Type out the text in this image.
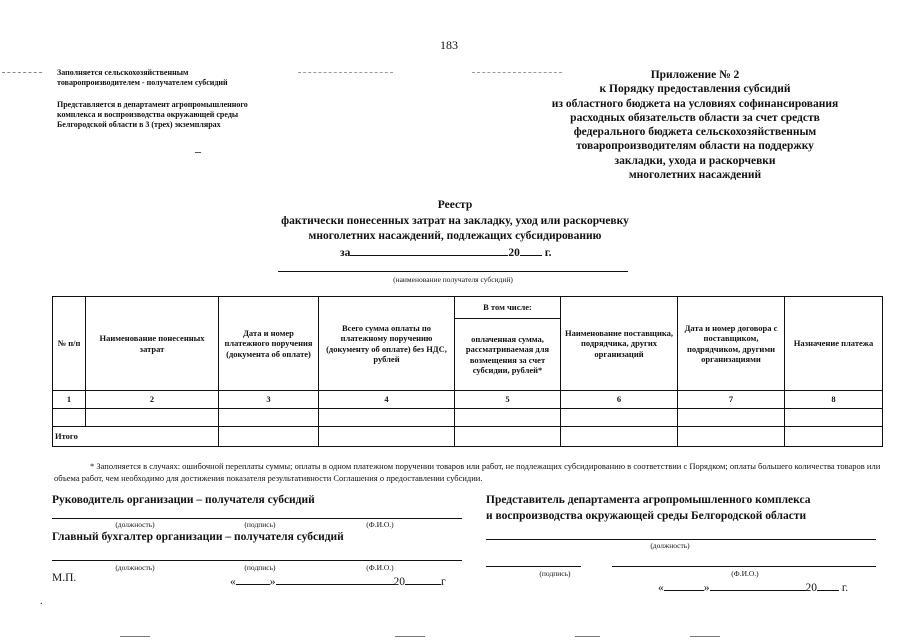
183
Заполняется сельскохозяйственным
товаропроизводителем - получателем субсидий
Представляется в департамент агропромышленного
комплекса и воспроизводства окружающей среды
Белгородской области в 3 (трех) экземплярах
Приложение № 2
к Порядку предоставления субсидий
из областного бюджета на условиях софинансирования
расходных обязательств области за счет средств
федерального бюджета сельскохозяйственным
товаропроизводителям области на поддержку
закладки, ухода и раскорчевки
многолетних насаждений
Реестр
фактически понесенных затрат на закладку, уход или раскорчевку
многолетних насаждений, подлежащих субсидированию
за	20 г.
(наименование получателя субсидий)
№ п/п	Наименование понесенных затрат	Дата и номер платежного поручения (документа об оплате)	Всего сумма оплаты по платежному поручению (документу об оплате) без НДС, рублей	В том числе:	Наименование поставщика, подрядчика, других организаций	Дата и номер договора с поставщиком, подрядчиком, другими организациями	Назначение платежа
				оплаченная сумма, рассматриваемая для возмещения за счет субсидии, рублей*			
1	2	3	4	5	6	7	8

Итого							
* Заполняется в случаях: ошибочной переплаты суммы; оплаты в одном платежном поручении товаров или работ, не подлежащих субсидированию в соответствии с Порядком; оплаты большего количества товаров или объема работ, чем необходимо для достижения показателя результативности Соглашения о предоставлении субсидии.
Руководитель организации – получателя субсидий
(должность)	(подпись)	(Ф.И.О.)
Главный бухгалтер организации – получателя субсидий
(должность)	(подпись)	(Ф.И.О.)
М.П.	«	»	20	г
.
Представитель департамента агропромышленного комплекса
и воспроизводства окружающей среды Белгородской области
(должность)
(подпись)	(Ф.И.О.)
«	»	20 г.
